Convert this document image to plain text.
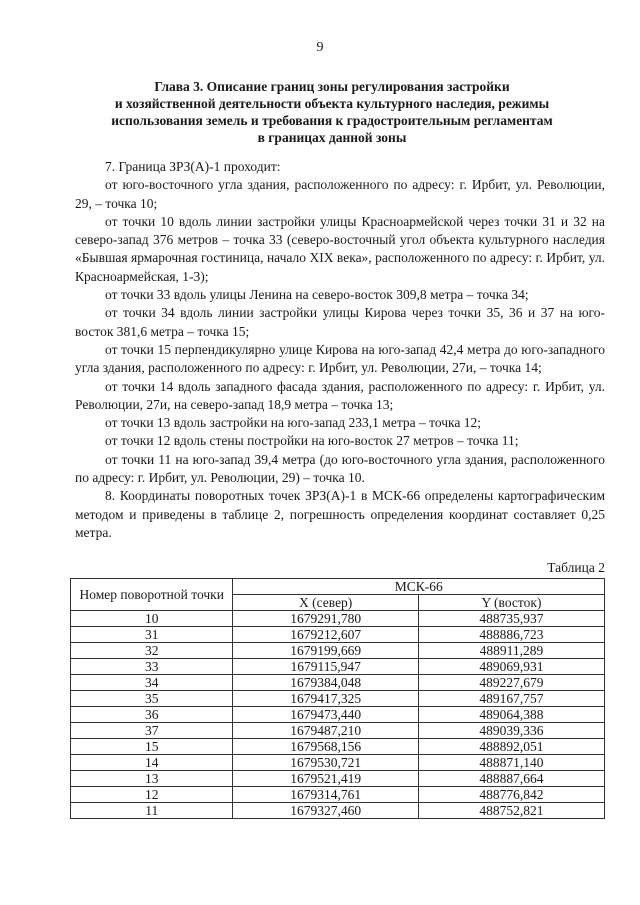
9
Глава 3. Описание границ зоны регулирования застройки
и хозяйственной деятельности объекта культурного наследия, режимы
использования земель и требования к градостроительным регламентам
в границах данной зоны

7. Граница ЗРЗ(А)-1 проходит:

от юго-восточного угла здания, расположенного по адресу: г. Ирбит, ул. Революции, 29, – точка 10;

от точки 10 вдоль линии застройки улицы Красноармейской через точки 31 и 32 на северо-запад 376 метров – точка 33 (северо-восточный угол объекта культурного наследия «Бывшая ярмарочная гостиница, начало XIX века», расположенного по адресу: г. Ирбит, ул. Красноармейская, 1-3);

от точки 33 вдоль улицы Ленина на северо-восток 309,8 метра – точка 34;

от точки 34 вдоль линии застройки улицы Кирова через точки 35, 36 и 37 на юго-восток 381,6 метра – точка 15;

от точки 15 перпендикулярно улице Кирова на юго-запад 42,4 метра до юго-западного угла здания, расположенного по адресу: г. Ирбит, ул. Революции, 27и, – точка 14;

от точки 14 вдоль западного фасада здания, расположенного по адресу: г. Ирбит, ул. Революции, 27и, на северо-запад 18,9 метра – точка 13;

от точки 13 вдоль застройки на юго-запад 233,1 метра – точка 12;

от точки 12 вдоль стены постройки на юго-восток 27 метров – точка 11;

от точки 11 на юго-запад 39,4 метра (до юго-восточного угла здания, расположенного по адресу: г. Ирбит, ул. Революции, 29) – точка 10.

8. Координаты поворотных точек ЗРЗ(А)-1 в МСК-66 определены картографическим методом и приведены в таблице 2, погрешность определения координат составляет 0,25 метра.

Таблица 2
Номер поворотной точки	МСК-66	
	X (север)	Y (восток)
10	1679291,780	488735,937
31	1679212,607	488886,723
32	1679199,669	488911,289
33	1679115,947	489069,931
34	1679384,048	489227,679
35	1679417,325	489167,757
36	1679473,440	489064,388
37	1679487,210	489039,336
15	1679568,156	488892,051
14	1679530,721	488871,140
13	1679521,419	488887,664
12	1679314,761	488776,842
11	1679327,460	488752,821
